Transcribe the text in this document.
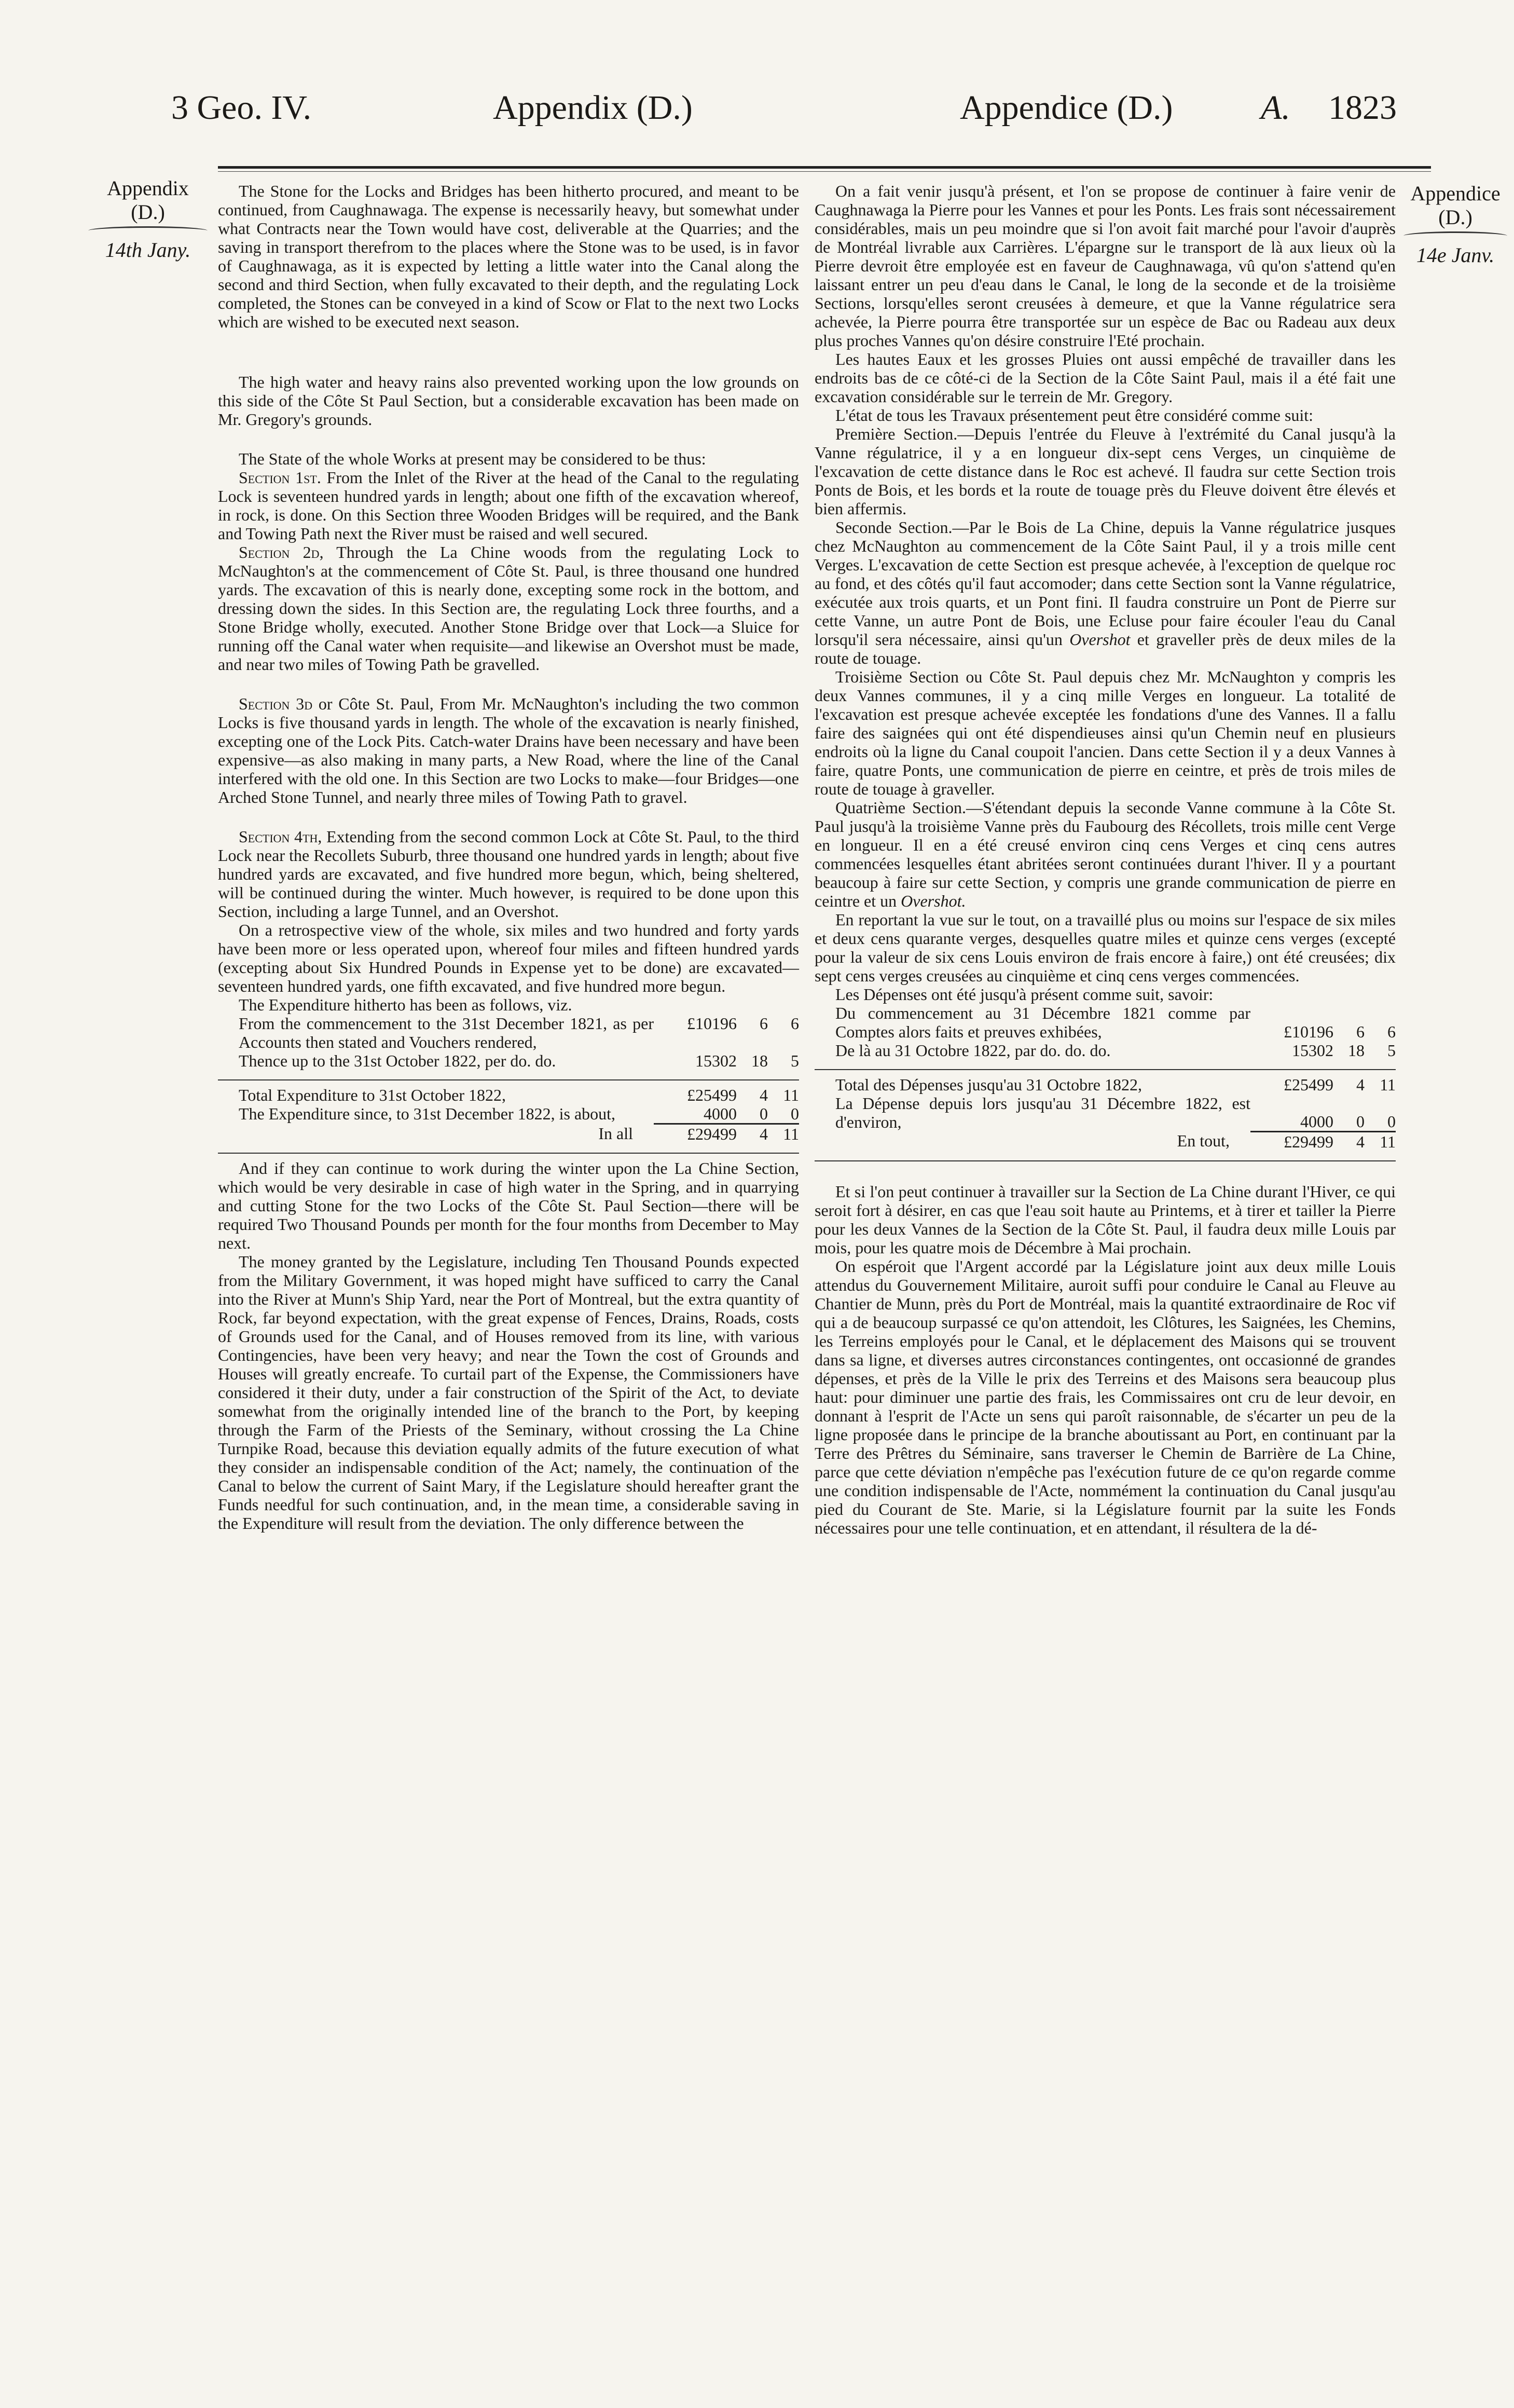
3 Geo. IV.	Appendix (D.)	Appendice (D.)	A. 1823
Appendix
(D.)
14th Jany.
Appendice
(D.)
14e Janv.

The Stone for the Locks and Bridges has been hitherto procured, and meant to be continued, from Caughnawaga. The expense is necessarily heavy, but somewhat under what Contracts near the Town would have cost, deliverable at the Quarries; and the saving in transport therefrom to the places where the Stone was to be used, is in favor of Caughnawaga, as it is expected by letting a little water into the Canal along the second and third Section, when fully excavated to their depth, and the regulating Lock completed, the Stones can be conveyed in a kind of Scow or Flat to the next two Locks which are wished to be executed next season.

The high water and heavy rains also prevented working upon the low grounds on this side of the Côte St Paul Section, but a considerable excavation has been made on Mr. Gregory's grounds.

The State of the whole Works at present may be considered to be thus:

Section 1st. From the Inlet of the River at the head of the Canal to the regulating Lock is seventeen hundred yards in length; about one fifth of the excavation whereof, in rock, is done. On this Section three Wooden Bridges will be required, and the Bank and Towing Path next the River must be raised and well secured.

Section 2d, Through the La Chine woods from the regulating Lock to McNaughton's at the commencement of Côte St. Paul, is three thousand one hundred yards. The excavation of this is nearly done, excepting some rock in the bottom, and dressing down the sides. In this Section are, the regulating Lock three fourths, and a Stone Bridge wholly, executed. Another Stone Bridge over that Lock—a Sluice for running off the Canal water when requisite—and likewise an Overshot must be made, and near two miles of Towing Path be gravelled.

Section 3d or Côte St. Paul, From Mr. McNaughton's including the two common Locks is five thousand yards in length. The whole of the excavation is nearly finished, excepting one of the Lock Pits. Catch-water Drains have been necessary and have been expensive—as also making in many parts, a New Road, where the line of the Canal interfered with the old one. In this Section are two Locks to make—four Bridges—one Arched Stone Tunnel, and nearly three miles of Towing Path to gravel.

Section 4th, Extending from the second common Lock at Côte St. Paul, to the third Lock near the Recollets Suburb, three thousand one hundred yards in length; about five hundred yards are excavated, and five hundred more begun, which, being sheltered, will be continued during the winter. Much however, is required to be done upon this Section, including a large Tunnel, and an Overshot.

On a retrospective view of the whole, six miles and two hundred and forty yards have been more or less operated upon, whereof four miles and fifteen hundred yards (excepting about Six Hundred Pounds in Expense yet to be done) are excavated—seventeen hundred yards, one fifth excavated, and five hundred more begun.

The Expenditure hitherto has been as follows, viz.

From the commencement to the 31st December 1821, as per Accounts then stated and Vouchers rendered,	£10196	6	6
Thence up to the 31st October 1822, per do. do.	15302	18	5
Total Expenditure to 31st October 1822,	£25499	4	11
The Expenditure since, to 31st December 1822, is about,	4000	0	0
In all	£29499	4	11

And if they can continue to work during the winter upon the La Chine Section, which would be very desirable in case of high water in the Spring, and in quarrying and cutting Stone for the two Locks of the Côte St. Paul Section—there will be required Two Thousand Pounds per month for the four months from December to May next.

The money granted by the Legislature, including Ten Thousand Pounds expected from the Military Government, it was hoped might have sufficed to carry the Canal into the River at Munn's Ship Yard, near the Port of Montreal, but the extra quantity of Rock, far beyond expectation, with the great expense of Fences, Drains, Roads, costs of Grounds used for the Canal, and of Houses removed from its line, with various Contingencies, have been very heavy; and near the Town the cost of Grounds and Houses will greatly encreafe. To curtail part of the Expense, the Commissioners have considered it their duty, under a fair construction of the Spirit of the Act, to deviate somewhat from the originally intended line of the branch to the Port, by keeping through the Farm of the Priests of the Seminary, without crossing the La Chine Turnpike Road, because this deviation equally admits of the future execution of what they consider an indispensable condition of the Act; namely, the continuation of the Canal to below the current of Saint Mary, if the Legislature should hereafter grant the Funds needful for such continuation, and, in the mean time, a considerable saving in the Expenditure will result from the deviation. The only difference between the

On a fait venir jusqu'à présent, et l'on se propose de continuer à faire venir de Caughnawaga la Pierre pour les Vannes et pour les Ponts. Les frais sont nécessairement considérables, mais un peu moindre que si l'on avoit fait marché pour l'avoir d'auprès de Montréal livrable aux Carrières. L'épargne sur le transport de là aux lieux où la Pierre devroit être employée est en faveur de Caughnawaga, vû qu'on s'attend qu'en laissant entrer un peu d'eau dans le Canal, le long de la seconde et de la troisième Sections, lorsqu'elles seront creusées à demeure, et que la Vanne régulatrice sera achevée, la Pierre pourra être transportée sur un espèce de Bac ou Radeau aux deux plus proches Vannes qu'on désire construire l'Eté prochain.

Les hautes Eaux et les grosses Pluies ont aussi empêché de travailler dans les endroits bas de ce côté-ci de la Section de la Côte Saint Paul, mais il a été fait une excavation considérable sur le terrein de Mr. Gregory.

L'état de tous les Travaux présentement peut être considéré comme suit:

Première Section.—Depuis l'entrée du Fleuve à l'extrémité du Canal jusqu'à la Vanne régulatrice, il y a en longueur dix-sept cens Verges, un cinquième de l'excavation de cette distance dans le Roc est achevé. Il faudra sur cette Section trois Ponts de Bois, et les bords et la route de touage près du Fleuve doivent être élevés et bien affermis.

Seconde Section.—Par le Bois de La Chine, depuis la Vanne régulatrice jusques chez McNaughton au commencement de la Côte Saint Paul, il y a trois mille cent Verges. L'excavation de cette Section est presque achevée, à l'exception de quelque roc au fond, et des côtés qu'il faut accomoder; dans cette Section sont la Vanne régulatrice, exécutée aux trois quarts, et un Pont fini. Il faudra construire un Pont de Pierre sur cette Vanne, un autre Pont de Bois, une Ecluse pour faire écouler l'eau du Canal lorsqu'il sera nécessaire, ainsi qu'un Overshot et graveller près de deux miles de la route de touage.

Troisième Section ou Côte St. Paul depuis chez Mr. McNaughton y compris les deux Vannes communes, il y a cinq mille Verges en longueur. La totalité de l'excavation est presque achevée exceptée les fondations d'une des Vannes. Il a fallu faire des saignées qui ont été dispendieuses ainsi qu'un Chemin neuf en plusieurs endroits où la ligne du Canal coupoit l'ancien. Dans cette Section il y a deux Vannes à faire, quatre Ponts, une communication de pierre en ceintre, et près de trois miles de route de touage à graveller.

Quatrième Section.—S'étendant depuis la seconde Vanne commune à la Côte St. Paul jusqu'à la troisième Vanne près du Faubourg des Récollets, trois mille cent Verge en longueur. Il en a été creusé environ cinq cens Verges et cinq cens autres commencées lesquelles étant abritées seront continuées durant l'hiver. Il y a pourtant beaucoup à faire sur cette Section, y compris une grande communication de pierre en ceintre et un Overshot.

En reportant la vue sur le tout, on a travaillé plus ou moins sur l'espace de six miles et deux cens quarante verges, desquelles quatre miles et quinze cens verges (excepté pour la valeur de six cens Louis environ de frais encore à faire,) ont été creusées; dix sept cens verges creusées au cinquième et cinq cens verges commencées.

Les Dépenses ont été jusqu'à présent comme suit, savoir:

Du commencement au 31 Décembre 1821 comme par Comptes alors faits et preuves exhibées,	£10196	6	6
De là au 31 Octobre 1822, par do. do. do.	15302	18	5
Total des Dépenses jusqu'au 31 Octobre 1822,	£25499	4	11
La Dépense depuis lors jusqu'au 31 Décembre 1822, est d'environ,	4000	0	0
En tout,	£29499	4	11

Et si l'on peut continuer à travailler sur la Section de La Chine durant l'Hiver, ce qui seroit fort à désirer, en cas que l'eau soit haute au Printems, et à tirer et tailler la Pierre pour les deux Vannes de la Section de la Côte St. Paul, il faudra deux mille Louis par mois, pour les quatre mois de Décembre à Mai prochain.

On espéroit que l'Argent accordé par la Législature joint aux deux mille Louis attendus du Gouvernement Militaire, auroit suffi pour conduire le Canal au Fleuve au Chantier de Munn, près du Port de Montréal, mais la quantité extraordinaire de Roc vif qui a de beaucoup surpassé ce qu'on attendoit, les Clôtures, les Saignées, les Chemins, les Terreins employés pour le Canal, et le déplacement des Maisons qui se trouvent dans sa ligne, et diverses autres circonstances contingentes, ont occasionné de grandes dépenses, et près de la Ville le prix des Terreins et des Maisons sera beaucoup plus haut: pour diminuer une partie des frais, les Commissaires ont cru de leur devoir, en donnant à l'esprit de l'Acte un sens qui paroît raisonnable, de s'écarter un peu de la ligne proposée dans le principe de la branche aboutissant au Port, en continuant par la Terre des Prêtres du Séminaire, sans traverser le Chemin de Barrière de La Chine, parce que cette déviation n'empêche pas l'exécution future de ce qu'on regarde comme une condition indispensable de l'Acte, nommément la continuation du Canal jusqu'au pied du Courant de Ste. Marie, si la Législature fournit par la suite les Fonds nécessaires pour une telle continuation, et en attendant, il résultera de la dé-
